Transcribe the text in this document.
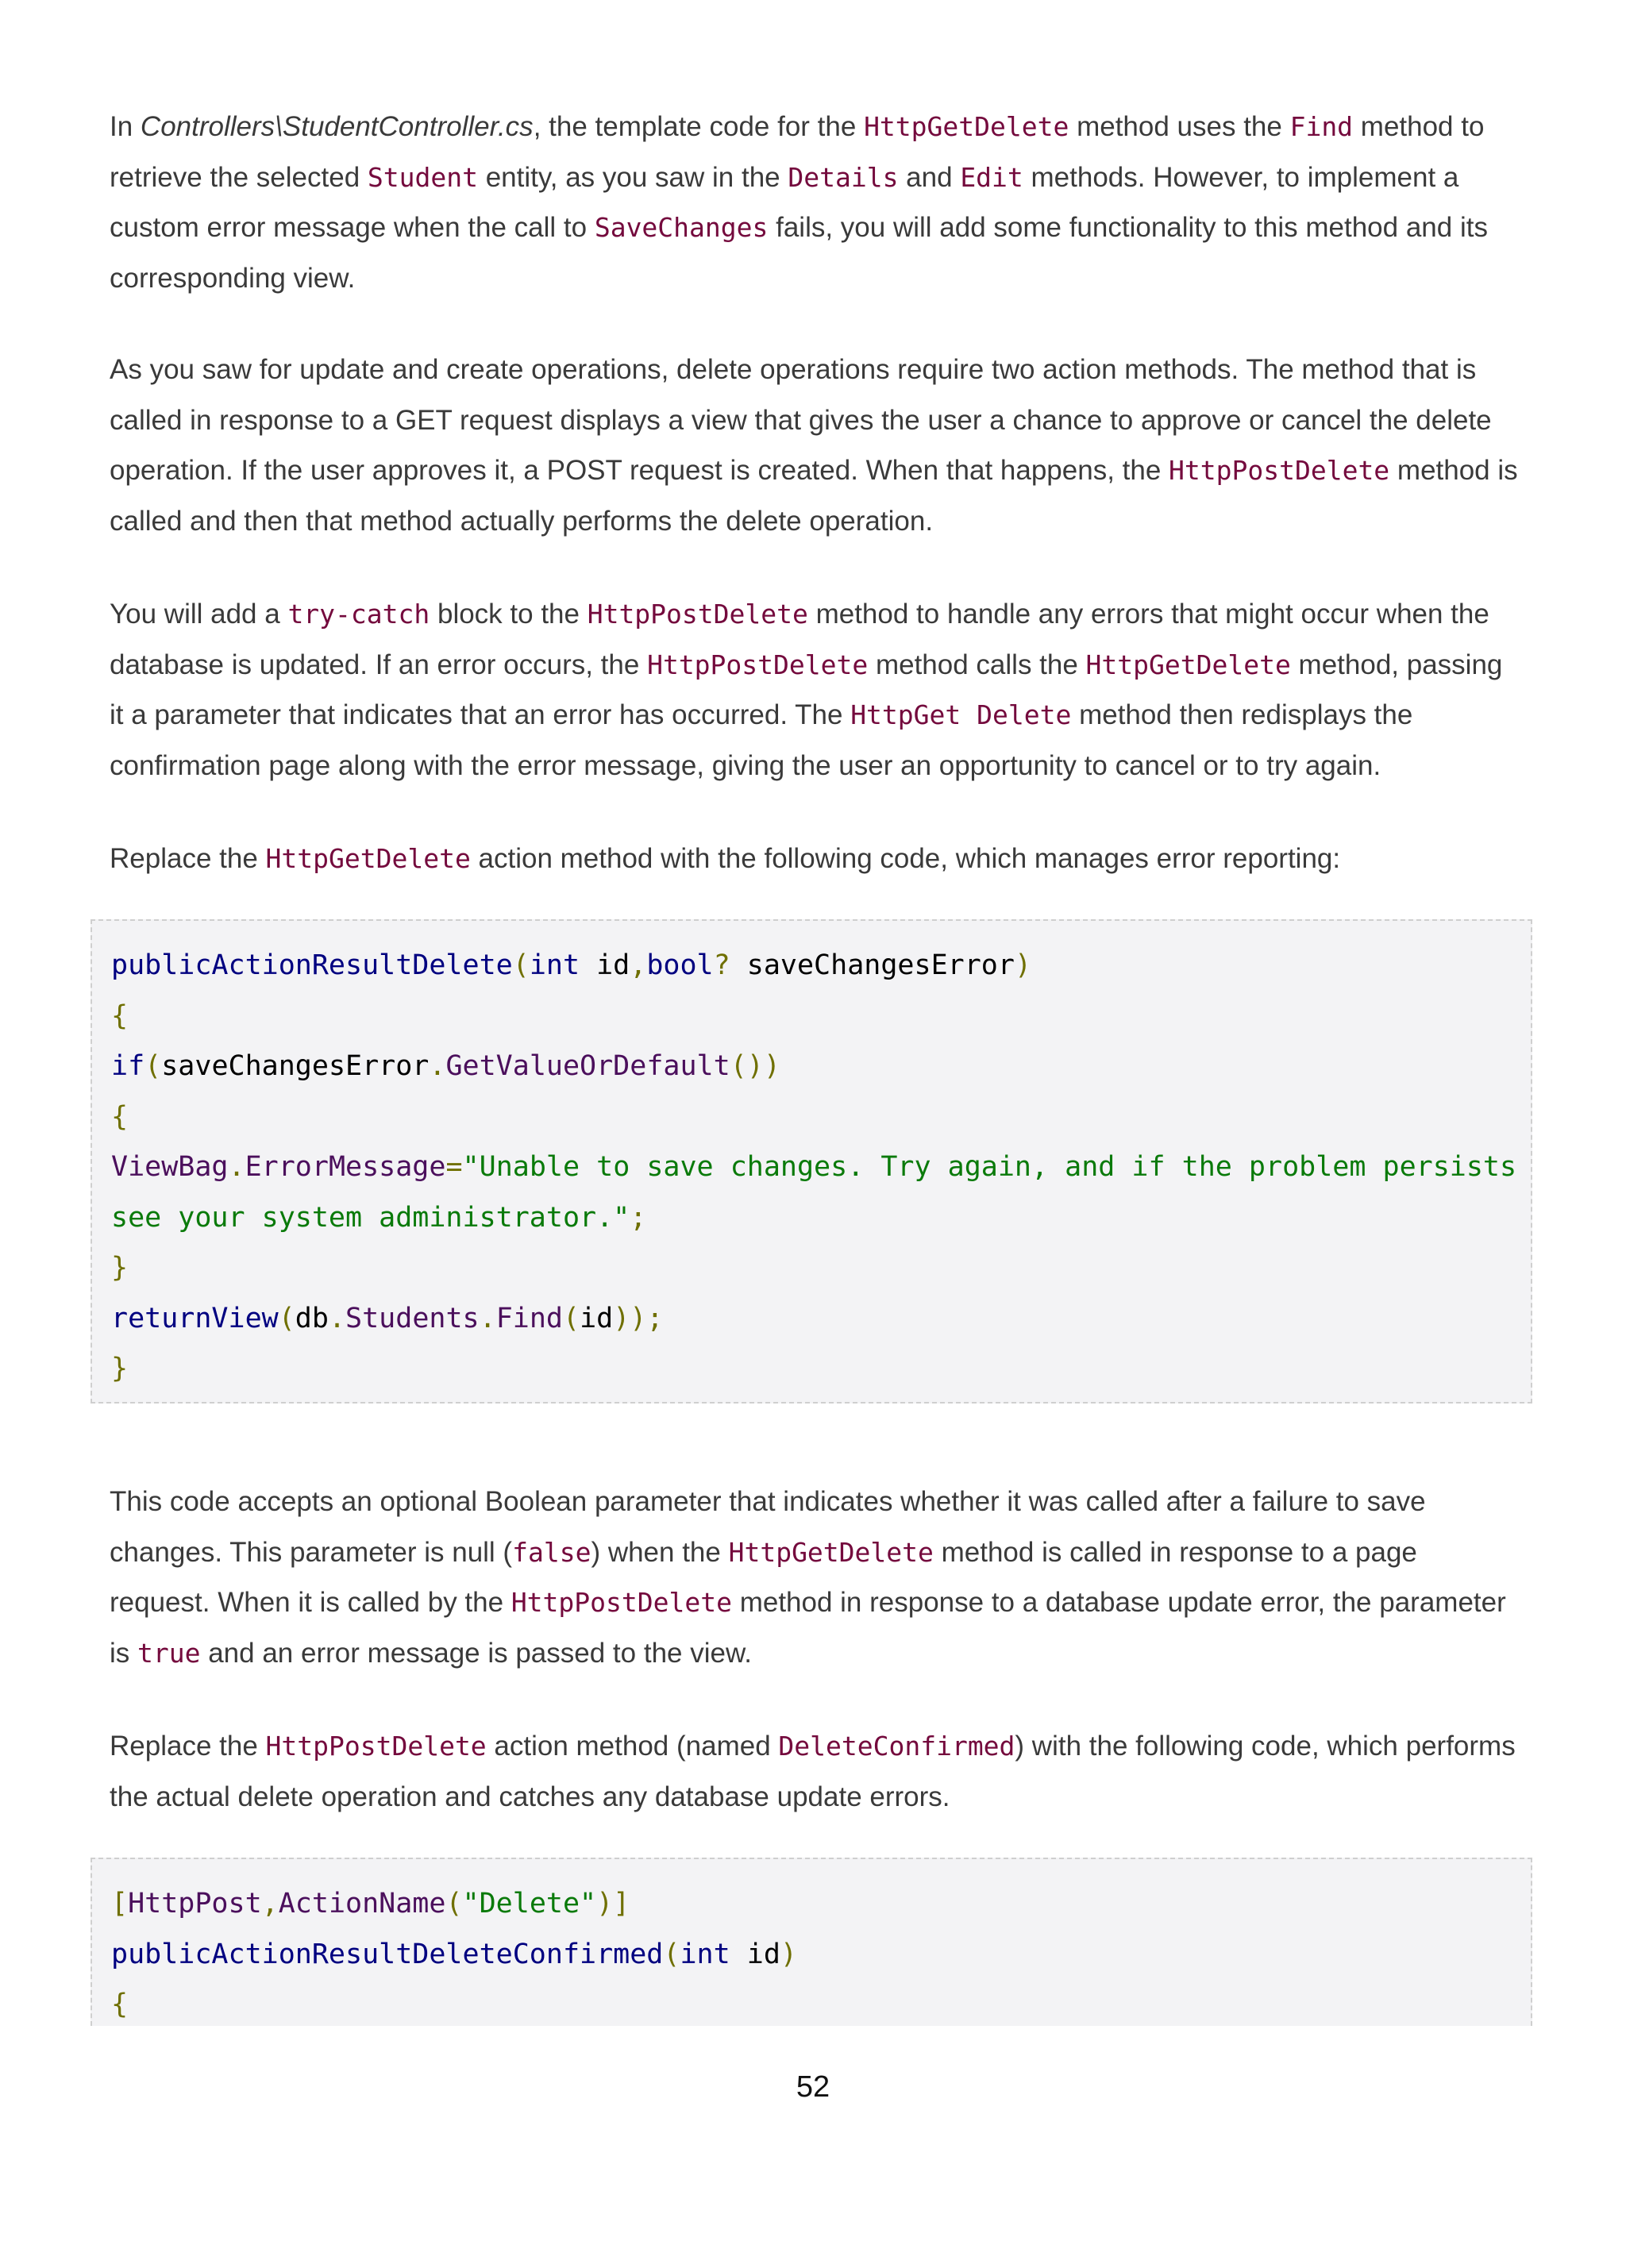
In Controllers\StudentController.cs, the template code for the HttpGetDelete method uses the Find method to retrieve the selected Student entity, as you saw in the Details and Edit methods. However, to implement a custom error message when the call to SaveChanges fails, you will add some functionality to this method and its corresponding view.

As you saw for update and create operations, delete operations require two action methods. The method that is called in response to a GET request displays a view that gives the user a chance to approve or cancel the delete operation. If the user approves it, a POST request is created. When that happens, the HttpPostDelete method is called and then that method actually performs the delete operation.

You will add a try-catch block to the HttpPostDelete method to handle any errors that might occur when the database is updated. If an error occurs, the HttpPostDelete method calls the HttpGetDelete method, passing it a parameter that indicates that an error has occurred. The HttpGet Delete method then redisplays the confirmation page along with the error message, giving the user an opportunity to cancel or to try again.

Replace the HttpGetDelete action method with the following code, which manages error reporting:

publicActionResultDelete(int id,bool? saveChangesError)
{
if(saveChangesError.GetValueOrDefault())
{
ViewBag.ErrorMessage="Unable to save changes. Try again, and if the problem persists
see your system administrator.";
}
returnView(db.Students.Find(id));
}

This code accepts an optional Boolean parameter that indicates whether it was called after a failure to save changes. This parameter is null (false) when the HttpGetDelete method is called in response to a page request. When it is called by the HttpPostDelete method in response to a database update error, the parameter is true and an error message is passed to the view.

Replace the HttpPostDelete action method (named DeleteConfirmed) with the following code, which performs the actual delete operation and catches any database update errors.

[HttpPost,ActionName("Delete")]
publicActionResultDeleteConfirmed(int id)
{
52
